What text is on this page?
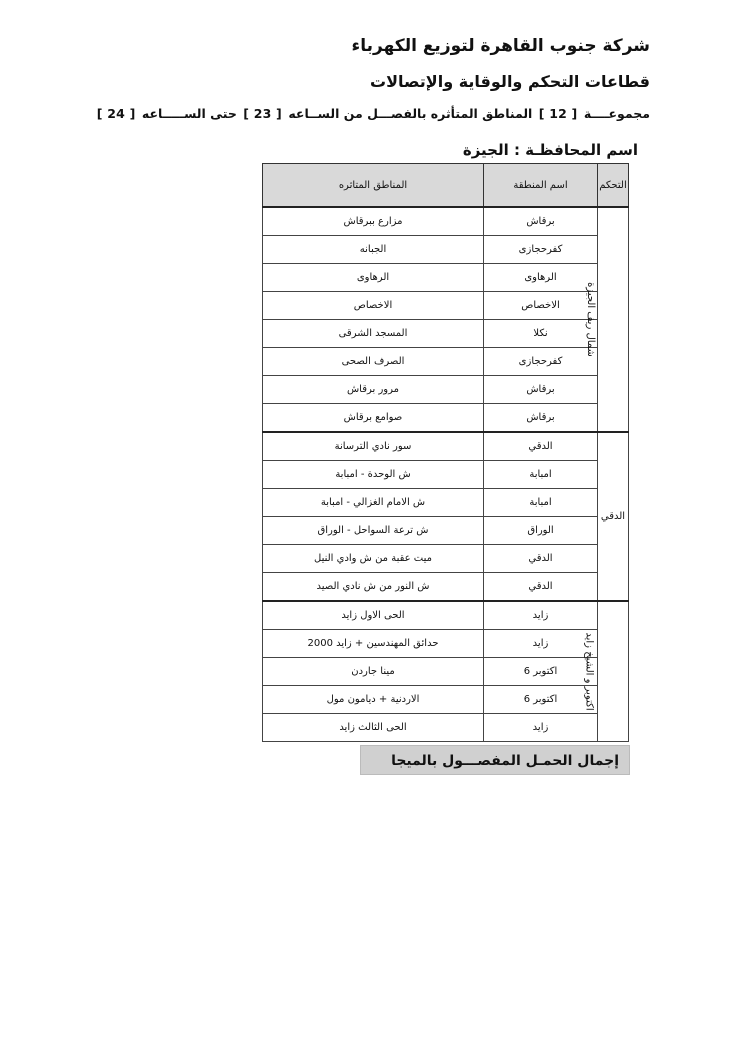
شركة جنوب القاهرة لتوزيع الكهرباء
قطاعات التحكم والوقاية والإتصالات
مجموعــــة [ 12 ] المناطق المتأثره بالفصـــل من الســاعه [ 23 ] حتى الســـــاعه [ 24 ]
اسم المحافظـة : الجيزة
التحكم	اسم المنطقة	المناطق المتاثره
شمال ريف الجيزة	برقاش	مزارع ببرقاش
	كفرحجازى	الجبانه
	الرهاوى	الرهاوى
	الاخصاص	الاخصاص
	نكلا	المسجد الشرقى
	كفرحجازى	الصرف الصحى
	برقاش	مرور برقاش
	برقاش	صوامع برقاش
الدقي	الدقي	سور نادي الترسانة
	امبابة	ش الوحدة - امبابة
	امبابة	ش الامام الغزالي - امبابة
	الوراق	ش ترعة السواحل - الوراق
	الدقي	ميت عقبة من ش وادي النيل
	الدقي	ش النور من ش نادي الصيد
اكتوبر و الشيخ زايد	زايد	الحى الاول زايد
	زايد	حدائق المهندسين + زايد 2000
	اكتوبر 6	مينا جاردن
	اكتوبر 6	الاردنية + ديامون مول
	زايد	الحى الثالث زايد
إجمال الحمـل المفصـــول بالميجا
